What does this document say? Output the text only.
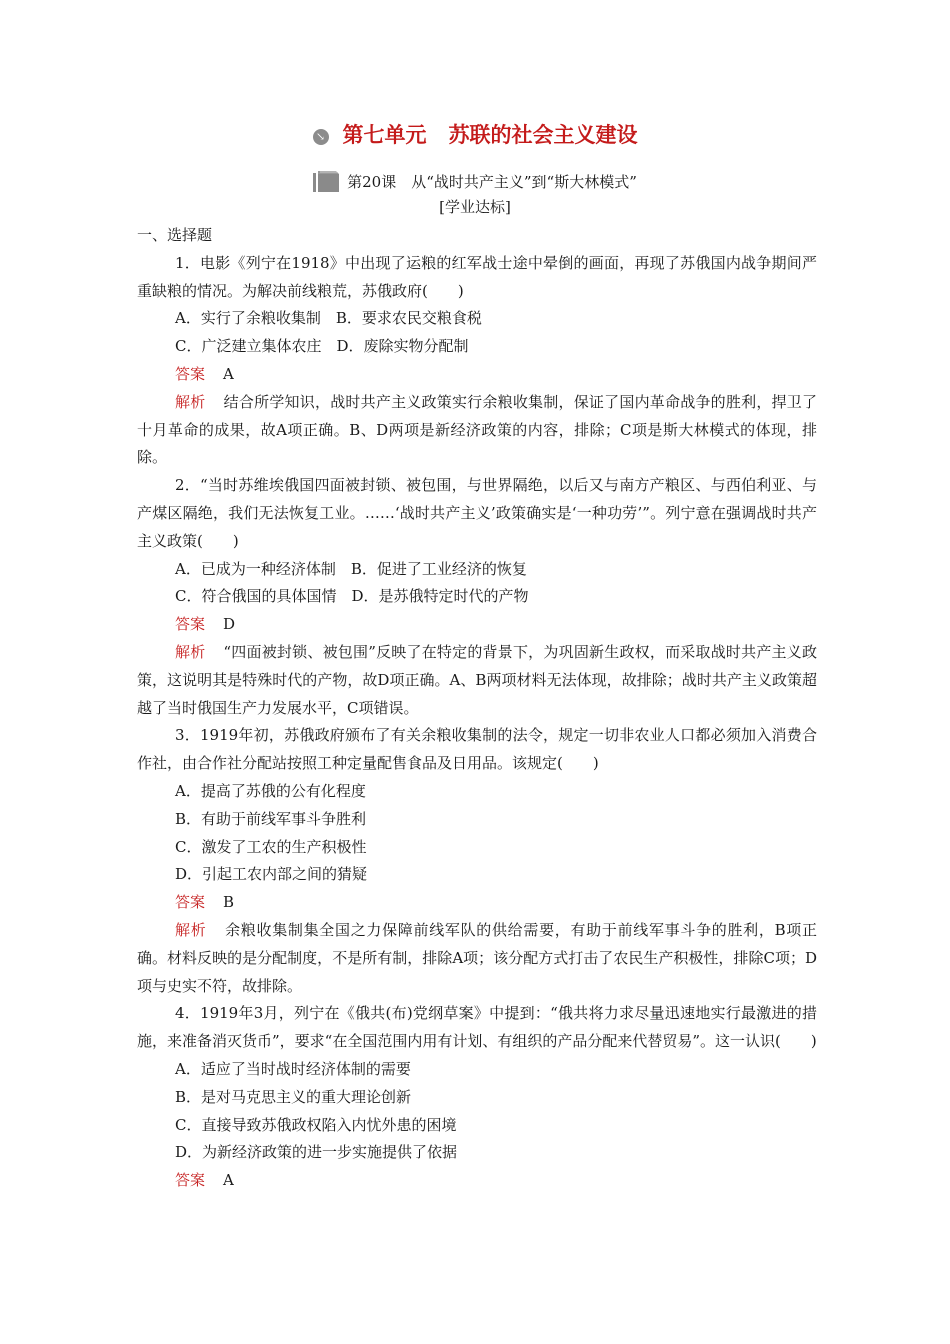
↘ 第七单元 苏联的社会主义建设
第20课　从“战时共产主义”到“斯大林模式”
[学业达标]

一、选择题

1．电影《列宁在1918》中出现了运粮的红军战士途中晕倒的画面，再现了苏俄国内战争期间严重缺粮的情况。为解决前线粮荒，苏俄政府(　　)

A．实行了余粮收集制　B．要求农民交粮食税

C．广泛建立集体农庄　D．废除实物分配制

答案 A

解析 结合所学知识，战时共产主义政策实行余粮收集制，保证了国内革命战争的胜利，捍卫了十月革命的成果，故A项正确。B、D两项是新经济政策的内容，排除；C项是斯大林模式的体现，排除。

2．“当时苏维埃俄国四面被封锁、被包围，与世界隔绝，以后又与南方产粮区、与西伯利亚、与产煤区隔绝，我们无法恢复工业。……‘战时共产主义’政策确实是‘一种功劳’”。列宁意在强调战时共产主义政策(　　)

A．已成为一种经济体制　B．促进了工业经济的恢复

C．符合俄国的具体国情　D．是苏俄特定时代的产物

答案 D

解析 “四面被封锁、被包围”反映了在特定的背景下，为巩固新生政权，而采取战时共产主义政策，这说明其是特殊时代的产物，故D项正确。A、B两项材料无法体现，故排除；战时共产主义政策超越了当时俄国生产力发展水平，C项错误。

3．1919年初，苏俄政府颁布了有关余粮收集制的法令，规定一切非农业人口都必须加入消费合作社，由合作社分配站按照工种定量配售食品及日用品。该规定(　　)

A．提高了苏俄的公有化程度

B．有助于前线军事斗争胜利

C．激发了工农的生产积极性

D．引起工农内部之间的猜疑

答案 B

解析 余粮收集制集全国之力保障前线军队的供给需要，有助于前线军事斗争的胜利，B项正确。材料反映的是分配制度，不是所有制，排除A项；该分配方式打击了农民生产积极性，排除C项；D项与史实不符，故排除。

4．1919年3月，列宁在《俄共(布)党纲草案》中提到：“俄共将力求尽量迅速地实行最激进的措施，来准备消灭货币”，要求“在全国范围内用有计划、有组织的产品分配来代替贸易”。这一认识(　　)

A．适应了当时战时经济体制的需要

B．是对马克思主义的重大理论创新

C．直接导致苏俄政权陷入内忧外患的困境

D．为新经济政策的进一步实施提供了依据

答案 A
